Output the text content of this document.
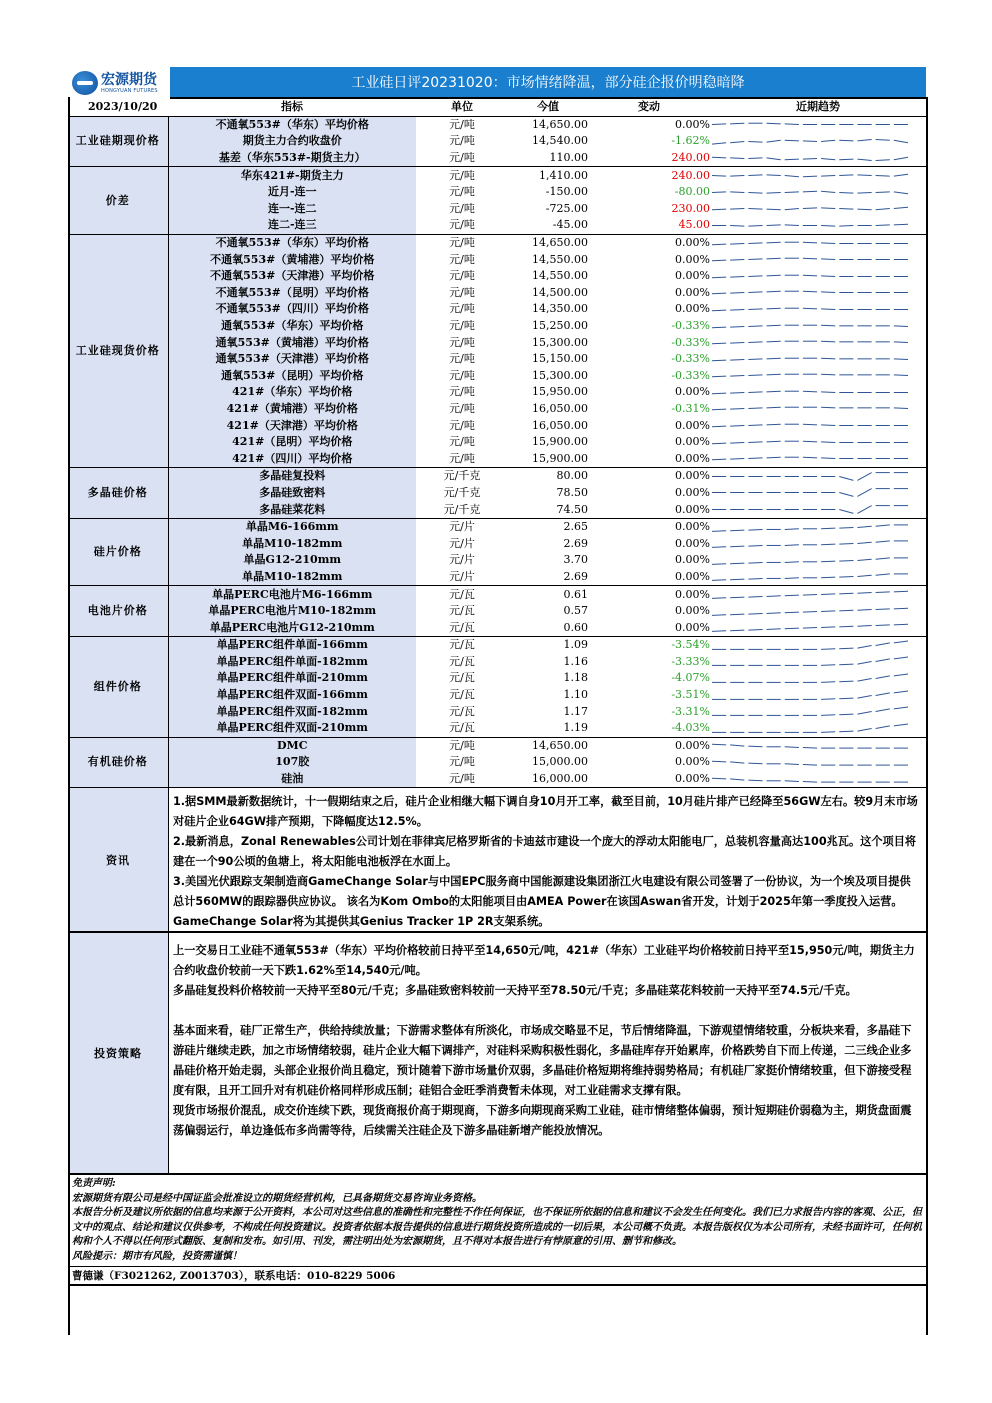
宏源期货
HONGYUAN FUTURES	工业硅日评20231020：市场情绪降温，部分硅企报价明稳暗降
2023/10/20	指标	单位	今值	变动	近期趋势
工业硅期现价格	不通氧553#（华东）平均价格	元/吨	14,650.00	0.00%	

	期货主力合约收盘价	元/吨	14,540.00	-1.62%	

	基差（华东553#-期货主力）	元/吨	110.00	240.00	

价差	华东421#-期货主力	元/吨	1,410.00	240.00	

	近月-连一	元/吨	-150.00	-80.00	

	连一-连二	元/吨	-725.00	230.00	

	连二-连三	元/吨	-45.00	45.00	

工业硅现货价格	不通氧553#（华东）平均价格	元/吨	14,650.00	0.00%	

	不通氧553#（黄埔港）平均价格	元/吨	14,550.00	0.00%	

	不通氧553#（天津港）平均价格	元/吨	14,550.00	0.00%	

	不通氧553#（昆明）平均价格	元/吨	14,500.00	0.00%	

	不通氧553#（四川）平均价格	元/吨	14,350.00	0.00%	

	通氧553#（华东）平均价格	元/吨	15,250.00	-0.33%	

	通氧553#（黄埔港）平均价格	元/吨	15,300.00	-0.33%	

	通氧553#（天津港）平均价格	元/吨	15,150.00	-0.33%	

	通氧553#（昆明）平均价格	元/吨	15,300.00	-0.33%	

	421#（华东）平均价格	元/吨	15,950.00	0.00%	

	421#（黄埔港）平均价格	元/吨	16,050.00	-0.31%	

	421#（天津港）平均价格	元/吨	16,050.00	0.00%	

	421#（昆明）平均价格	元/吨	15,900.00	0.00%	

	421#（四川）平均价格	元/吨	15,900.00	0.00%	

多晶硅价格	多晶硅复投料	元/千克	80.00	0.00%	

	多晶硅致密料	元/千克	78.50	0.00%	

	多晶硅菜花料	元/千克	74.50	0.00%	

硅片价格	单晶M6-166mm	元/片	2.65	0.00%	

	单晶M10-182mm	元/片	2.69	0.00%	

	单晶G12-210mm	元/片	3.70	0.00%	

	单晶M10-182mm	元/片	2.69	0.00%	

电池片价格	单晶PERC电池片M6-166mm	元/瓦	0.61	0.00%	

	单晶PERC电池片M10-182mm	元/瓦	0.57	0.00%	

	单晶PERC电池片G12-210mm	元/瓦	0.60	0.00%	

组件价格	单晶PERC组件单面-166mm	元/瓦	1.09	-3.54%	

	单晶PERC组件单面-182mm	元/瓦	1.16	-3.33%	

	单晶PERC组件单面-210mm	元/瓦	1.18	-4.07%	

	单晶PERC组件双面-166mm	元/瓦	1.10	-3.51%	

	单晶PERC组件双面-182mm	元/瓦	1.17	-3.31%	

	单晶PERC组件双面-210mm	元/瓦	1.19	-4.03%	

有机硅价格	DMC	元/吨	14,650.00	0.00%	

	107胶	元/吨	15,000.00	0.00%	

	硅油	元/吨	16,000.00	0.00%	
资讯

1.据SMM最新数据统计，十一假期结束之后，硅片企业相继大幅下调自身10月开工率，截至目前，10月硅片排产已经降至56GW左右。较9月末市场对硅片企业64GW排产预期，下降幅度达12.5%。

2.最新消息，Zonal Renewables公司计划在菲律宾尼格罗斯省的卡迪兹市建设一个庞大的浮动太阳能电厂，总装机容量高达100兆瓦。这个项目将建在一个90公顷的鱼塘上，将太阳能电池板浮在水面上。

3.美国光伏跟踪支架制造商GameChange Solar与中国EPC服务商中国能源建设集团浙江火电建设有限公司签署了一份协议，为一个埃及项目提供总计560MW的跟踪器供应协议。 该名为Kom Ombo的太阳能项目由AMEA Power在该国Aswan省开发，计划于2025年第一季度投入运营。GameChange Solar将为其提供其Genius Tracker 1P 2R支架系统。

投资策略

上一交易日工业硅不通氧553#（华东）平均价格较前日持平至14,650元/吨，421#（华东）工业硅平均价格较前日持平至15,950元/吨，期货主力合约收盘价较前一天下跌1.62%至14,540元/吨。

多晶硅复投料价格较前一天持平至80元/千克；多晶硅致密料较前一天持平至78.50元/千克；多晶硅菜花料较前一天持平至74.5元/千克。

基本面来看，硅厂正常生产，供给持续放量；下游需求整体有所淡化，市场成交略显不足，节后情绪降温，下游观望情绪较重，分板块来看，多晶硅下游硅片继续走跌，加之市场情绪较弱，硅片企业大幅下调排产，对硅料采购积极性弱化，多晶硅库存开始累库，价格跌势自下而上传递，二三线企业多晶硅价格开始走弱，头部企业报价尚且稳定，预计随着下游市场量价双弱，多晶硅价格短期将维持弱势格局；有机硅厂家挺价情绪较重，但下游接受程度有限，且开工回升对有机硅价格同样形成压制；硅铝合金旺季消费暂未体现，对工业硅需求支撑有限。

现货市场报价混乱，成交价连续下跌，现货商报价高于期现商，下游多向期现商采购工业硅，硅市情绪整体偏弱，预计短期硅价弱稳为主，期货盘面震荡偏弱运行，单边逢低布多尚需等待，后续需关注硅企及下游多晶硅新增产能投放情况。

免责声明:
宏源期货有限公司是经中国证监会批准设立的期货经营机构，已具备期货交易咨询业务资格。
本报告分析及建议所依据的信息均来源于公开资料，本公司对这些信息的准确性和完整性不作任何保证，也不保证所依据的信息和建议不会发生任何变化。我们已力求报告内容的客观、公正，但文中的观点、结论和建议仅供参考，不构成任何投资建议。投资者依据本报告提供的信息进行期货投资所造成的一切后果，本公司概不负责。本报告版权仅为本公司所有，未经书面许可，任何机构和个人不得以任何形式翻版、复制和发布。如引用、刊发，需注明出处为宏源期货，且不得对本报告进行有悖原意的引用、删节和修改。
风险提示：期市有风险，投资需谨慎！
曹德谦（F3021262, Z0013703），联系电话：010-8229 5006
